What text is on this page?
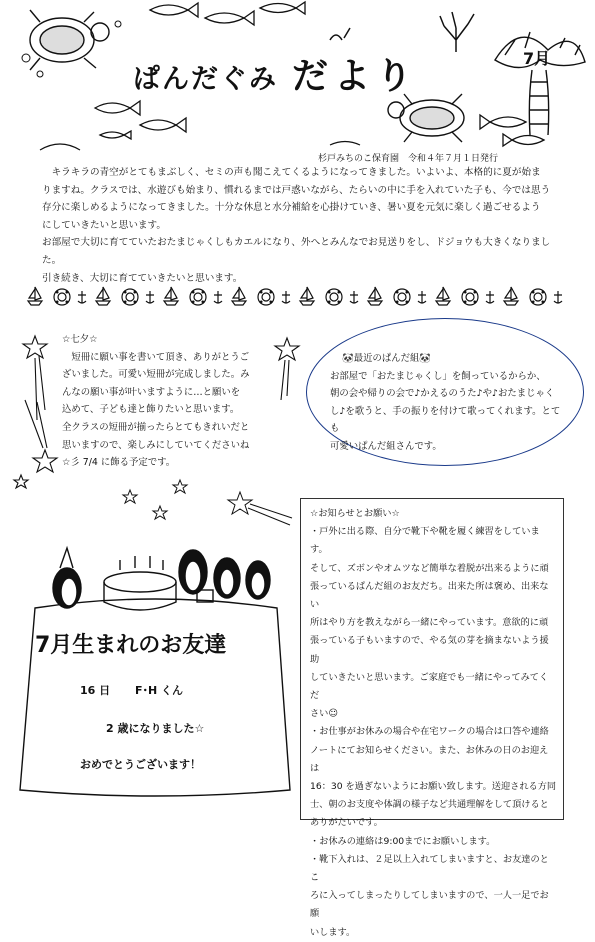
ぱんだぐみ だより	7月
杉戸みちのこ保育園　令和４年７月１日発行

　キラキラの青空がとてもまぶしく、セミの声も聞こえてくるようになってきました。いよいよ、本格的に夏が始ま

りますね。クラスでは、水遊びも始まり、慣れるまでは戸惑いながら、たらいの中に手を入れていた子も、今では思う

存分に楽しめるようになってきました。十分な休息と水分補給を心掛けていき、暑い夏を元気に楽しく過ごせるよう

にしていきたいと思います。

お部屋で大切に育てていたおたまじゃくしもカエルになり、外へとみんなでお見送りをし、ドジョウも大きくなりました。

引き続き、大切に育てていきたいと思います。

☆七夕☆

　短冊に願い事を書いて頂き、ありがとうご

ざいました。可愛い短冊が完成しました。み

んなの願い事が叶いますように…と願いを

込めて、子ども達と飾りたいと思います。

全クラスの短冊が揃ったらとてもきれいだと

思いますので、楽しみにしていてくださいね

☆彡 7/4 に飾る予定です。

🐼最近のぱんだ組🐼

お部屋で「おたまじゃくし」を飼っているからか、

朝の会や帰りの会で♪かえるのうた♪や♪おたまじゃく

し♪を歌うと、手の振りを付けて歌ってくれます。とても

可愛いぱんだ組さんです。

7月生まれのお友達
16 日 F･H くん
2 歳になりました☆
おめでとうございます！

☆お知らせとお願い☆

・戸外に出る際、自分で靴下や靴を履く練習をしています。

そして、ズボンやオムツなど簡単な着脱が出来るように頑

張っているぱんだ組のお友だち。出来た所は褒め、出来ない

所はやり方を教えながら一緒にやっています。意欲的に頑

張っている子もいますので、やる気の芽を摘まないよう援助

していきたいと思います。ご家庭でも一緒にやってみてくだ

さい☺

・お仕事がお休みの場合や在宅ワークの場合は口答や連絡

ノートにてお知らせください。また、お休みの日のお迎えは

16：30 を過ぎないようにお願い致します。送迎される方同

士、朝のお支度や体調の様子など共通理解をして頂けると

ありがたいです。

・お休みの連絡は9:00までにお願いします。

・靴下入れは、２足以上入れてしまいますと、お友達のとこ

ろに入ってしまったりしてしまいますので、一人一足でお願

いします。
